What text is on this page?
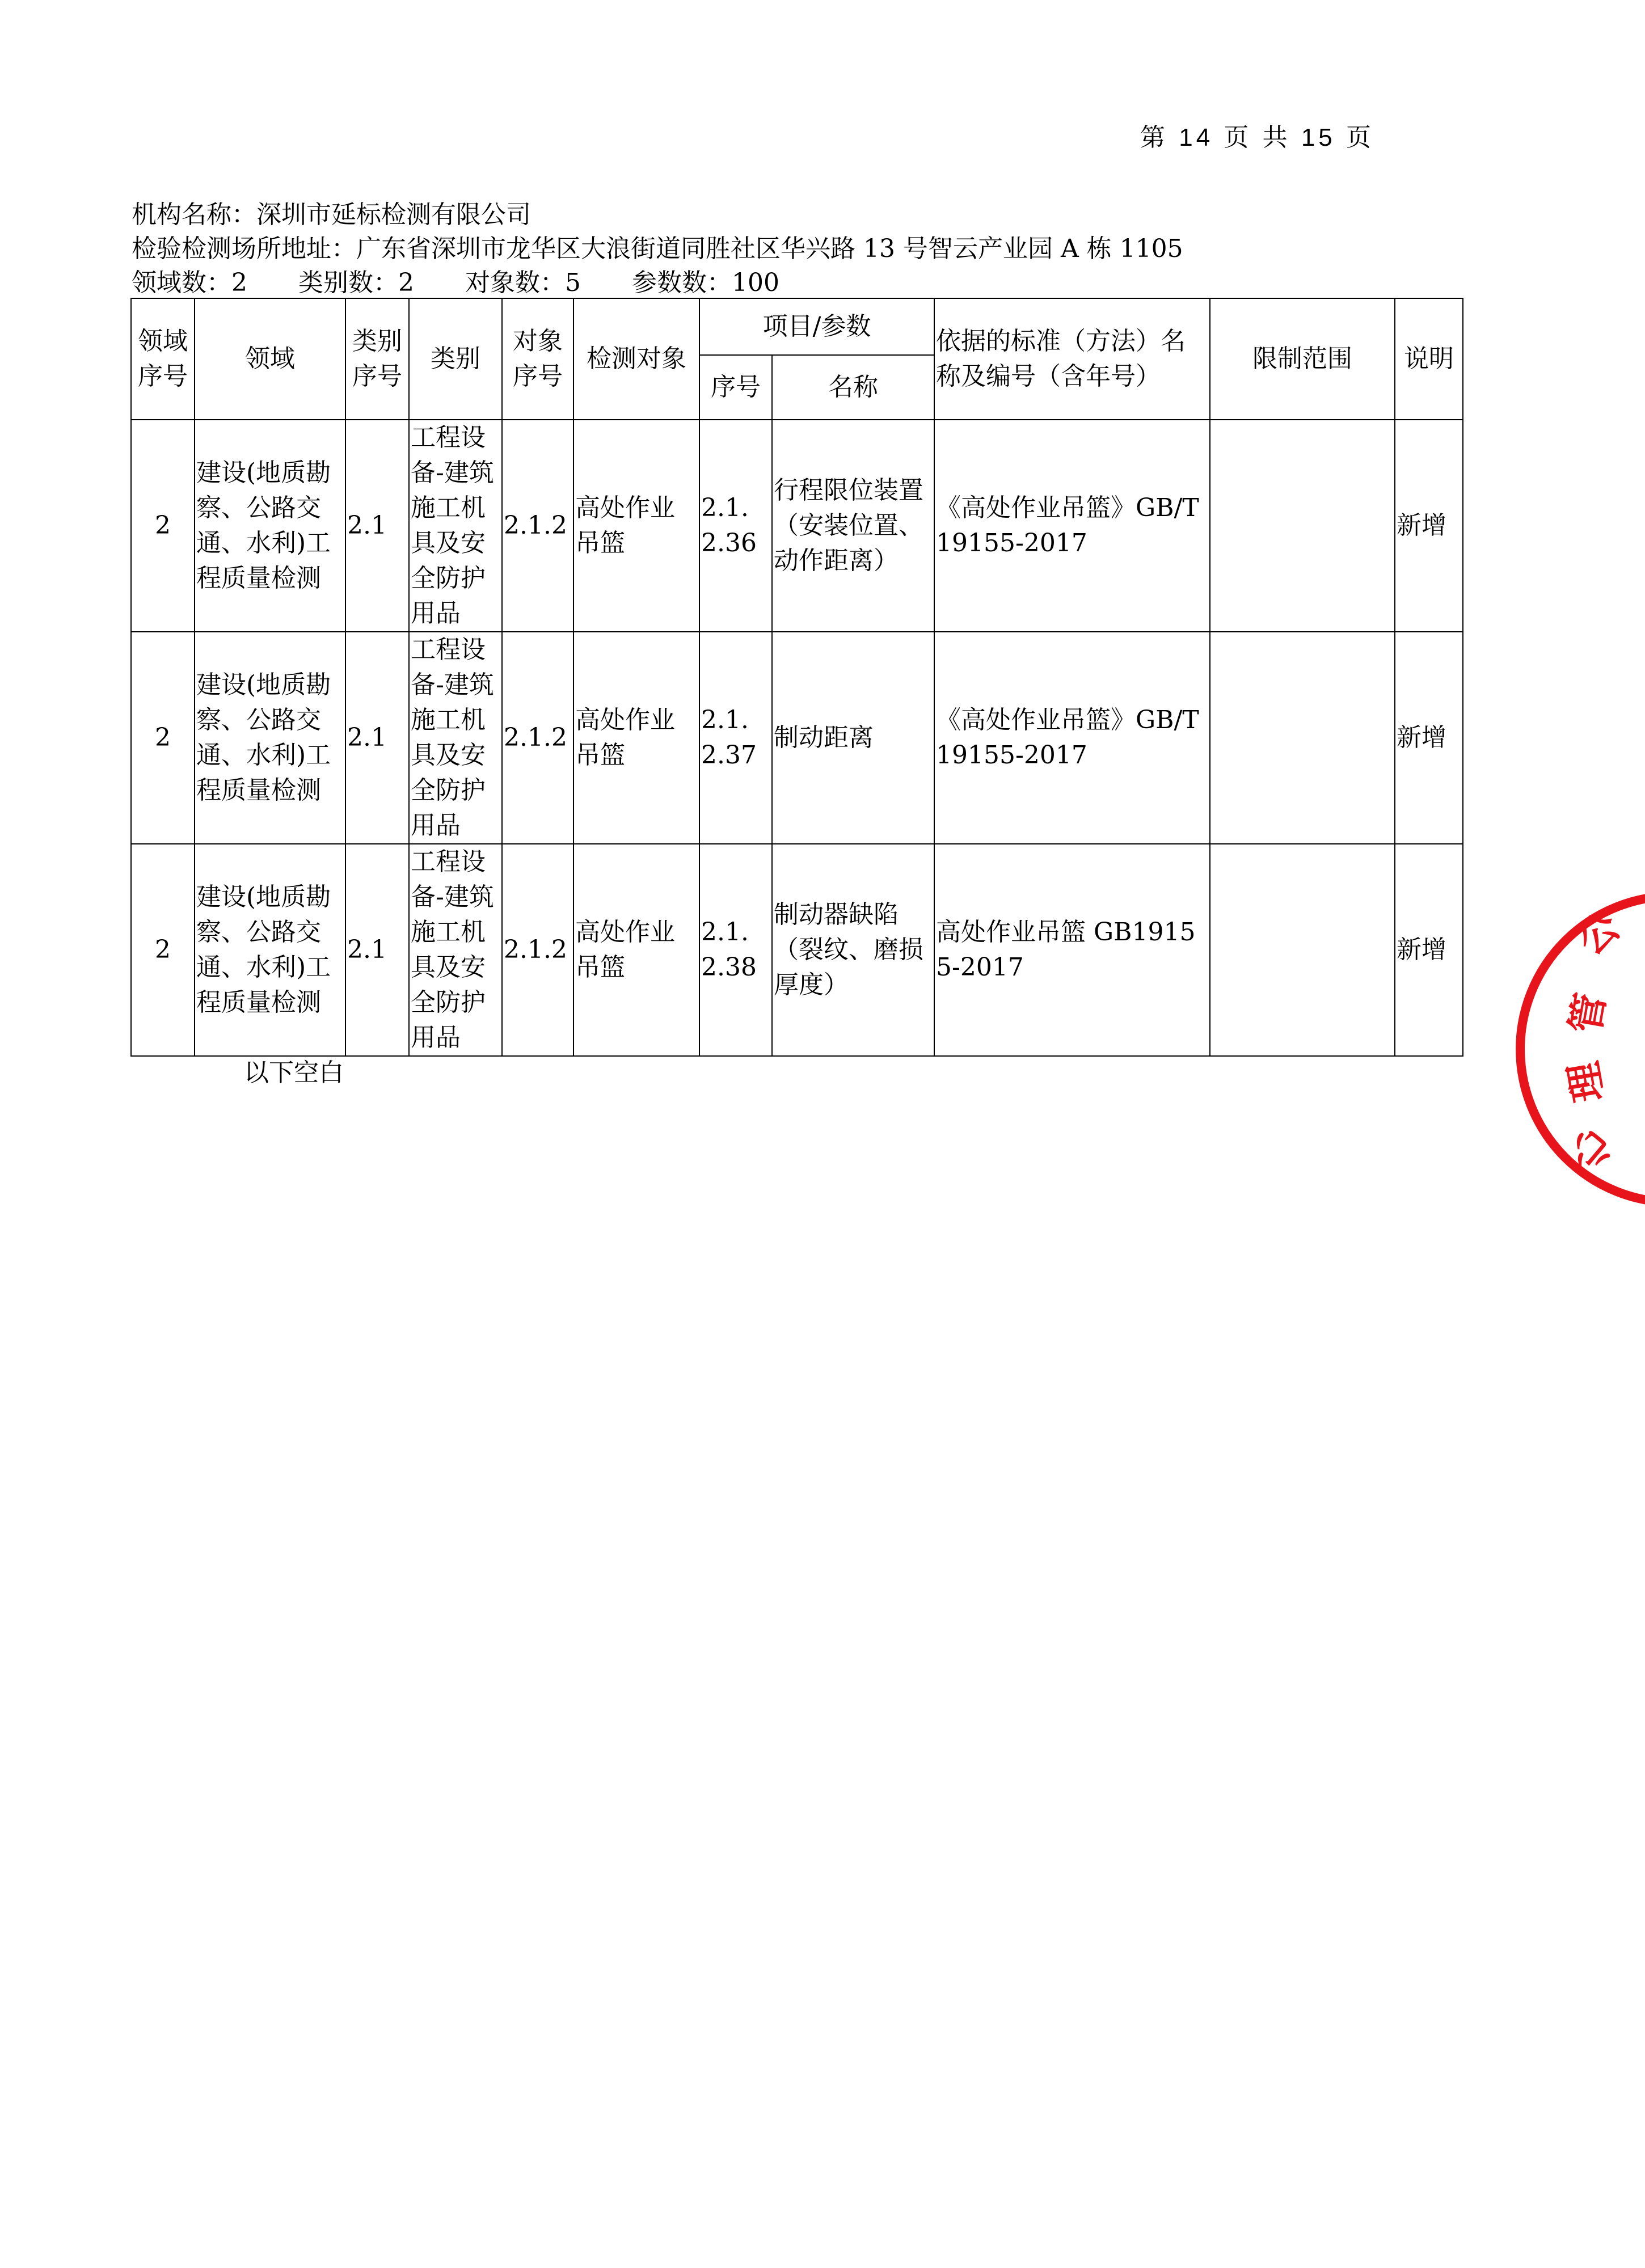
第 14 页 共 15 页
机构名称：深圳市延标检测有限公司
检验检测场所地址：广东省深圳市龙华区大浪街道同胜社区华兴路 13 号智云产业园 A 栋 1105
领域数：2 类别数：2 对象数：5 参数数：100
领域序号	领域	类别序号	类别	对象序号	检测对象	项目/参数		依据的标准（方法）名称及编号（含年号）	限制范围	说明
						序号	名称			
2	建设(地质勘察、公路交通、水利)工程质量检测	2.1	工程设备-建筑施工机具及安全防护用品	2.1.2	高处作业吊篮	2.1.2.36	行程限位装置（安装位置、动作距离）	《高处作业吊篮》GB/T 19155-2017		新增
2	建设(地质勘察、公路交通、水利)工程质量检测	2.1	工程设备-建筑施工机具及安全防护用品	2.1.2	高处作业吊篮	2.1.2.37	制动距离	《高处作业吊篮》GB/T 19155-2017		新增
2	建设(地质勘察、公路交通、水利)工程质量检测	2.1	工程设备-建筑施工机具及安全防护用品	2.1.2	高处作业吊篮	2.1.2.38	制动器缺陷（裂纹、磨损厚度）	高处作业吊篮 GB19155-2017		新增
以下空白
公
管
理
心
